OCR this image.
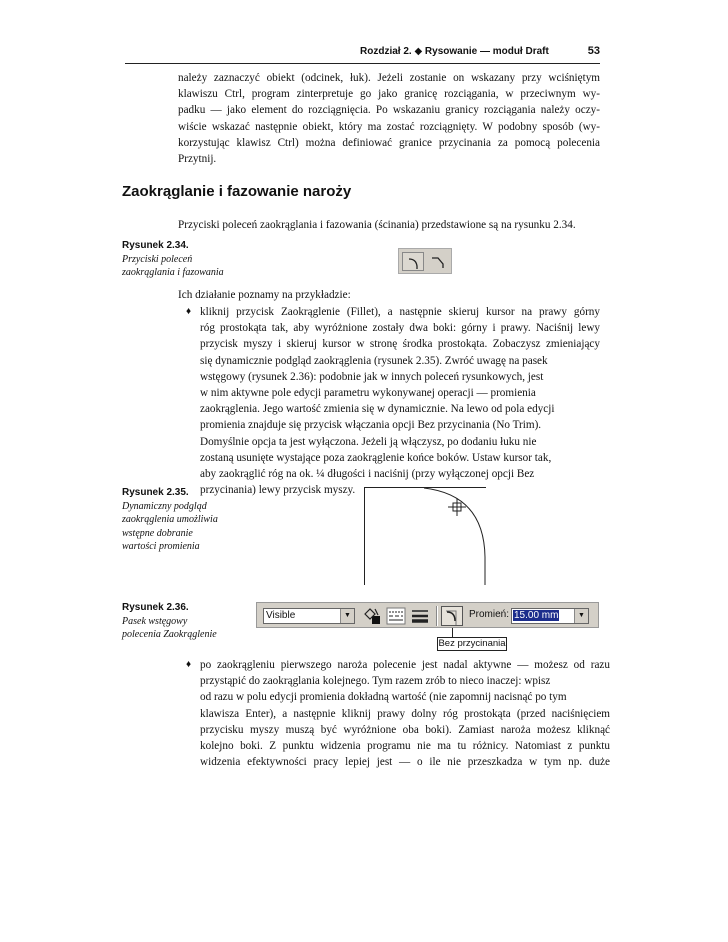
Rozdział 2. ◆ Rysowanie — moduł Draft	53
należy zaznaczyć obiekt (odcinek, łuk). Jeżeli zostanie on wskazany przy wciśniętym
klawiszu Ctrl, program zinterpretuje go jako granicę rozciągania, w przeciwnym wy-
padku — jako element do rozciągnięcia. Po wskazaniu granicy rozciągania należy oczy-
wiście wskazać następnie obiekt, który ma zostać rozciągnięty. W podobny sposób (wy-
korzystując klawisz Ctrl) można definiować granice przycinania za pomocą polecenia
Przytnij.
Zaokrąglanie i fazowanie naroży
Przyciski poleceń zaokrąglania i fazowania (ścinania) przedstawione są na rysunku 2.34.
Rysunek 2.34.
Przyciski poleceń
zaokrąglania i fazowania
Ich działanie poznamy na przykładzie:
♦ kliknij przycisk Zaokrąglenie (Fillet), a następnie skieruj kursor na prawy górny
róg prostokąta tak, aby wyróżnione zostały dwa boki: górny i prawy. Naciśnij lewy
przycisk myszy i skieruj kursor w stronę środka prostokąta. Zobaczysz zmieniający
się dynamicznie podgląd zaokrąglenia (rysunek 2.35). Zwróć uwagę na pasek
wstęgowy (rysunek 2.36): podobnie jak w innych poleceń rysunkowych, jest
w nim aktywne pole edycji parametru wykonywanej operacji — promienia
zaokrąglenia. Jego wartość zmienia się w dynamicznie. Na lewo od pola edycji
promienia znajduje się przycisk włączania opcji Bez przycinania (No Trim).
Domyślnie opcja ta jest wyłączona. Jeżeli ją włączysz, po dodaniu łuku nie
zostaną usunięte wystające poza zaokrąglenie końce boków. Ustaw kursor tak,
aby zaokrąglić róg na ok. ¼ długości i naciśnij (przy wyłączonej opcji Bez
przycinania) lewy przycisk myszy.
Rysunek 2.35.
Dynamiczny podgląd
zaokrąglenia umożliwia
wstępne dobranie
wartości promienia
Rysunek 2.36.
Pasek wstęgowy
polecenia Zaokrąglenie
Visible	▼	Promień: 15.00 mm	▼
Bez przycinania
♦ po zaokrągleniu pierwszego naroża polecenie jest nadal aktywne — możesz od razu
przystąpić do zaokrąglania kolejnego. Tym razem zrób to nieco inaczej: wpisz
od razu w polu edycji promienia dokładną wartość (nie zapomnij nacisnąć po tym
klawisza Enter), a następnie kliknij prawy dolny róg prostokąta (przed naciśnięciem
przycisku myszy muszą być wyróżnione oba boki). Zamiast naroża możesz kliknąć
kolejno boki. Z punktu widzenia programu nie ma tu różnicy. Natomiast z punktu
widzenia efektywności pracy lepiej jest — o ile nie przeszkadza w tym np. duże
